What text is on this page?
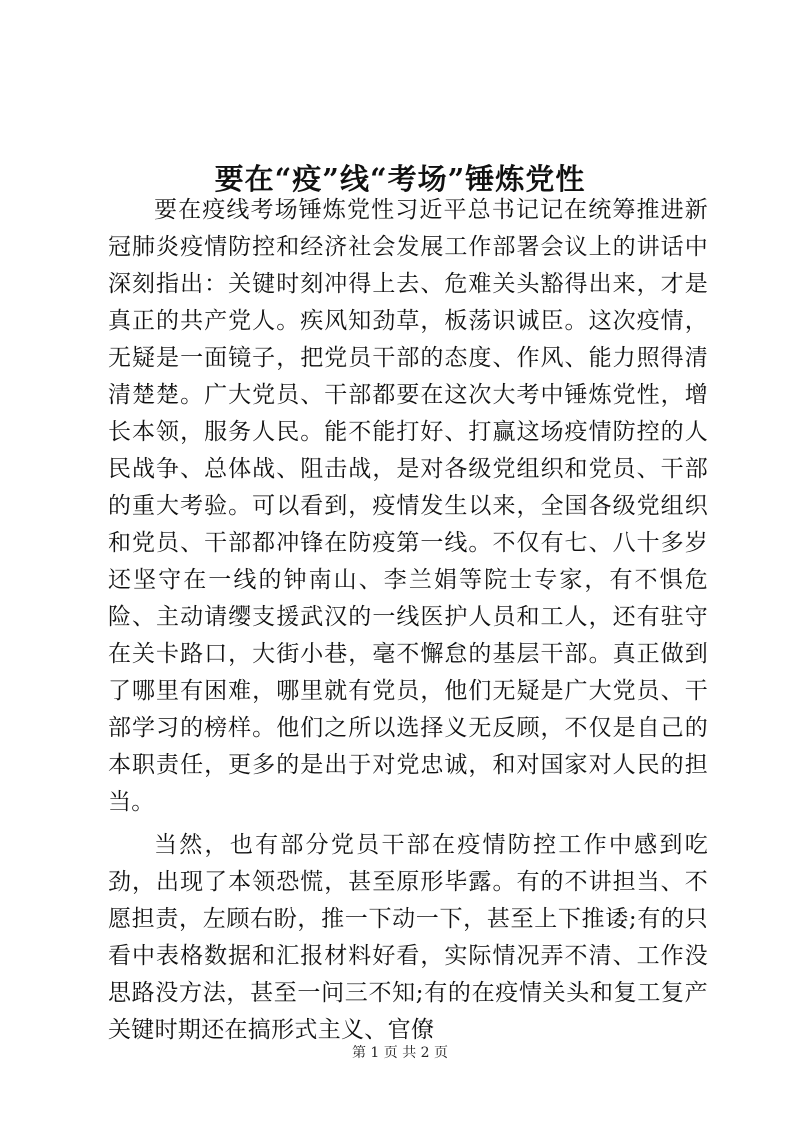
要在“疫”线“考场”锤炼党性

要在疫线考场锤炼党性习近平总书记记在统筹推进新冠肺炎疫情防控和经济社会发展工作部署会议上的讲话中深刻指出：关键时刻冲得上去、危难关头豁得出来，才是真正的共产党人。疾风知劲草，板荡识诚臣。这次疫情，无疑是一面镜子，把党员干部的态度、作风、能力照得清清楚楚。广大党员、干部都要在这次大考中锤炼党性，增长本领，服务人民。能不能打好、打赢这场疫情防控的人民战争、总体战、阻击战，是对各级党组织和党员、干部的重大考验。可以看到，疫情发生以来，全国各级党组织和党员、干部都冲锋在防疫第一线。不仅有七、八十多岁还坚守在一线的钟南山、李兰娟等院士专家，有不惧危险、主动请缨支援武汉的一线医护人员和工人，还有驻守在关卡路口，大街小巷，毫不懈怠的基层干部。真正做到了哪里有困难，哪里就有党员，他们无疑是广大党员、干部学习的榜样。他们之所以选择义无反顾，不仅是自己的本职责任，更多的是出于对党忠诚，和对国家对人民的担当。

当然，也有部分党员干部在疫情防控工作中感到吃劲，出现了本领恐慌，甚至原形毕露。有的不讲担当、不愿担责，左顾右盼，推一下动一下，甚至上下推诿;有的只看中表格数据和汇报材料好看，实际情况弄不清、工作没思路没方法，甚至一问三不知;有的在疫情关头和复工复产关键时期还在搞形式主义、官僚

第 1 页 共 2 页
